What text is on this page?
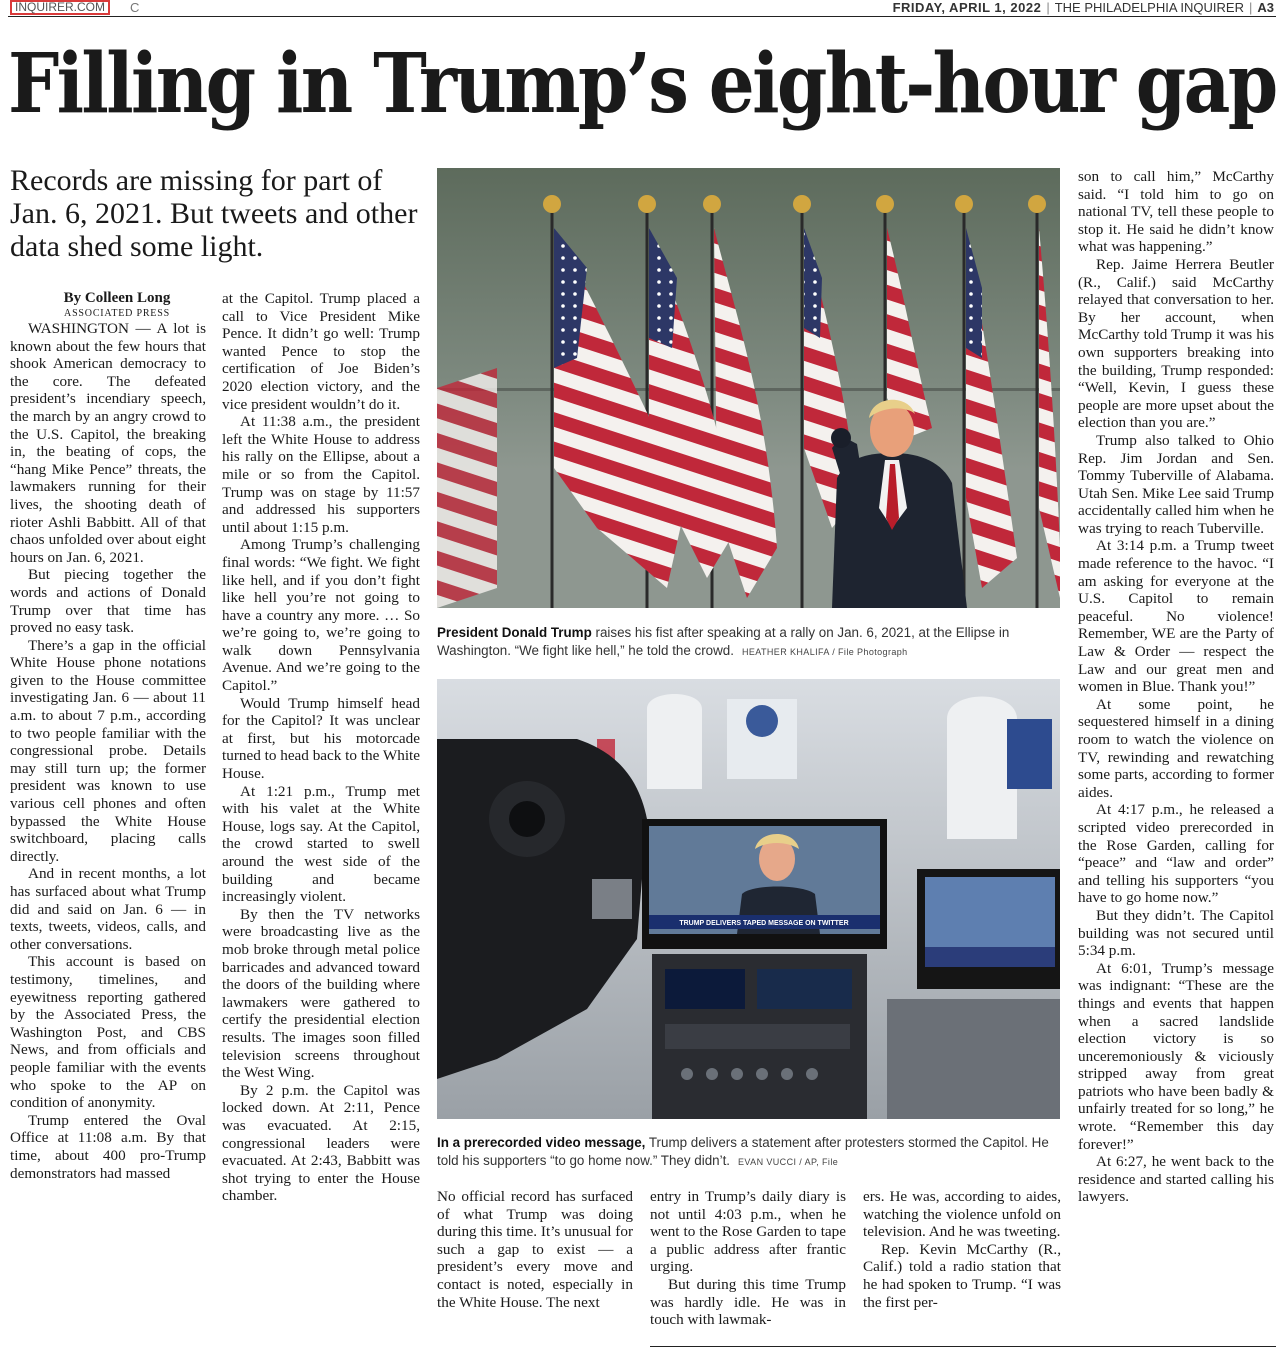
INQUIRER.COM	C	FRIDAY, APRIL 1, 2022 | THE PHILADELPHIA INQUIRER | A3
Filling in Trump’s eight-hour gap
Records are missing for part of Jan. 6, 2021. But tweets and other data shed some light.

By Colleen Long

ASSOCIATED PRESS

WASHINGTON — A lot is known about the few hours that shook American democracy to the core. The defeated president’s incendiary speech, the march by an angry crowd to the U.S. Capitol, the breaking in, the beating of cops, the “hang Mike Pence” threats, the lawmakers running for their lives, the shooting death of rioter Ashli Babbitt. All of that chaos unfolded over about eight hours on Jan. 6, 2021.

But piecing together the words and actions of Donald Trump over that time has proved no easy task.

There’s a gap in the official White House phone notations given to the House committee investigating Jan. 6 — about 11 a.m. to about 7 p.m., according to two people familiar with the congressional probe. Details may still turn up; the former president was known to use various cell phones and often bypassed the White House switchboard, placing calls directly.

And in recent months, a lot has surfaced about what Trump did and said on Jan. 6 — in texts, tweets, videos, calls, and other conversations.

This account is based on testimony, timelines, and eyewitness reporting gathered by the Associated Press, the Washington Post, and CBS News, and from officials and people familiar with the events who spoke to the AP on condition of anonymity.

Trump entered the Oval Office at 11:08 a.m. By that time, about 400 pro-Trump demonstrators had massed

at the Capitol. Trump placed a call to Vice President Mike Pence. It didn’t go well: Trump wanted Pence to stop the certification of Joe Biden’s 2020 election victory, and the vice president wouldn’t do it.

At 11:38 a.m., the president left the White House to address his rally on the Ellipse, about a mile or so from the Capitol. Trump was on stage by 11:57 and addressed his supporters until about 1:15 p.m.

Among Trump’s challenging final words: “We fight. We fight like hell, and if you don’t fight like hell you’re not going to have a country any more. … So we’re going to, we’re going to walk down Pennsylvania Avenue. And we’re going to the Capitol.”

Would Trump himself head for the Capitol? It was unclear at first, but his motorcade turned to head back to the White House.

At 1:21 p.m., Trump met with his valet at the White House, logs say. At the Capitol, the crowd started to swell around the west side of the building and became increasingly violent.

By then the TV networks were broadcasting live as the mob broke through metal police barricades and advanced toward the doors of the building where lawmakers were gathered to certify the presidential election results. The images soon filled television screens throughout the West Wing.

By 2 p.m. the Capitol was locked down. At 2:11, Pence was evacuated. At 2:15, congressional leaders were evacuated. At 2:43, Babbitt was shot trying to enter the House chamber.

President Donald Trump raises his fist after speaking at a rally on Jan. 6, 2021, at the Ellipse in Washington. “We fight like hell,” he told the crowd. HEATHER KHALIFA / File Photograph
TRUMP DELIVERS TAPED MESSAGE ON TWITTER
In a prerecorded video message, Trump delivers a statement after protesters stormed the Capitol. He told his supporters “to go home now.” They didn’t. EVAN VUCCI / AP, File

No official record has surfaced of what Trump was doing during this time. It’s unusual for such a gap to exist — a president’s every move and contact is noted, especially in the White House. The next

entry in Trump’s daily diary is not until 4:03 p.m., when he went to the Rose Garden to tape a public address after frantic urging.

But during this time Trump was hardly idle. He was in touch with lawmak-

ers. He was, according to aides, watching the violence unfold on television. And he was tweeting.

Rep. Kevin McCarthy (R., Calif.) told a radio station that he had spoken to Trump. “I was the first per-

son to call him,” McCarthy said. “I told him to go on national TV, tell these people to stop it. He said he didn’t know what was happening.”

Rep. Jaime Herrera Beutler (R., Calif.) said McCarthy relayed that conversation to her. By her account, when McCarthy told Trump it was his own supporters breaking into the building, Trump responded: “Well, Kevin, I guess these people are more upset about the election than you are.”

Trump also talked to Ohio Rep. Jim Jordan and Sen. Tommy Tuberville of Alabama. Utah Sen. Mike Lee said Trump accidentally called him when he was trying to reach Tuberville.

At 3:14 p.m. a Trump tweet made reference to the havoc. “I am asking for everyone at the U.S. Capitol to remain peaceful. No violence! Remember, WE are the Party of Law & Order — respect the Law and our great men and women in Blue. Thank you!”

At some point, he sequestered himself in a dining room to watch the violence on TV, rewinding and rewatching some parts, according to former aides.

At 4:17 p.m., he released a scripted video prerecorded in the Rose Garden, calling for “peace” and “law and order” and telling his supporters “you have to go home now.”

But they didn’t. The Capitol building was not secured until 5:34 p.m.

At 6:01, Trump’s message was indignant: “These are the things and events that happen when a sacred landslide election victory is so unceremoniously & viciously stripped away from great patriots who have been badly & unfairly treated for so long,” he wrote. “Remember this day forever!”

At 6:27, he went back to the residence and started calling his lawyers.
